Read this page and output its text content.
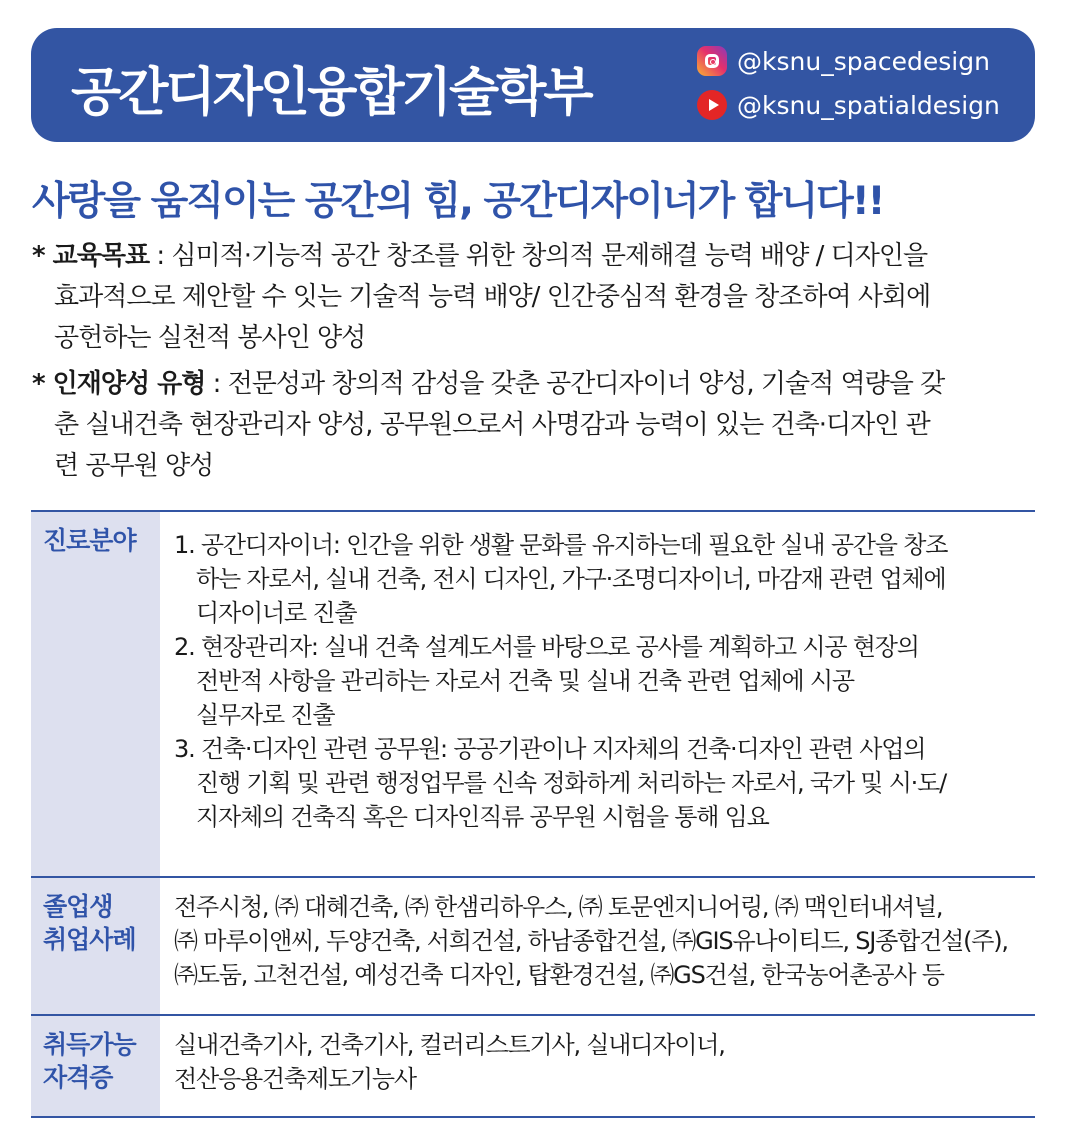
공간디자인융합기술학부
@ksnu_spacedesign
@ksnu_spatialdesign
사랑을 움직이는 공간의 힘, 공간디자이너가 합니다!!
* 교육목표 : 심미적·기능적 공간 창조를 위한 창의적 문제해결 능력 배양 / 디자인을
효과적으로 제안할 수 잇는 기술적 능력 배양/ 인간중심적 환경을 창조하여 사회에
공헌하는 실천적 봉사인 양성
* 인재양성 유형 : 전문성과 창의적 감성을 갖춘 공간디자이너 양성, 기술적 역량을 갖
춘 실내건축 현장관리자 양성, 공무원으로서 사명감과 능력이 있는 건축·디자인 관
련 공무원 양성
진로분야	1. 공간디자이너: 인간을 위한 생활 문화를 유지하는데 필요한 실내 공간을 창조
하는 자로서, 실내 건축, 전시 디자인, 가구·조명디자이너, 마감재 관련 업체에
디자이너로 진출
2. 현장관리자: 실내 건축 설계도서를 바탕으로 공사를 계획하고 시공 현장의
전반적 사항을 관리하는 자로서 건축 및 실내 건축 관련 업체에 시공
실무자로 진출
3. 건축·디자인 관련 공무원: 공공기관이나 지자체의 건축·디자인 관련 사업의
진행 기획 및 관련 행정업무를 신속 정화하게 처리하는 자로서, 국가 및 시·도/
지자체의 건축직 혹은 디자인직류 공무원 시험을 통해 임요
졸업생
취업사례
전주시청, ㈜ 대혜건축, ㈜ 한샘리하우스, ㈜ 토문엔지니어링, ㈜ 맥인터내셔널,
㈜ 마루이앤씨, 두양건축, 서희건설, 하남종합건설, ㈜GIS유나이티드, SJ종합건설(주),
㈜도둠, 고천건설, 예성건축 디자인, 탑환경건설, ㈜GS건설, 한국농어촌공사 등
취득가능
자격증
실내건축기사, 건축기사, 컬러리스트기사, 실내디자이너,
전산응용건축제도기능사
